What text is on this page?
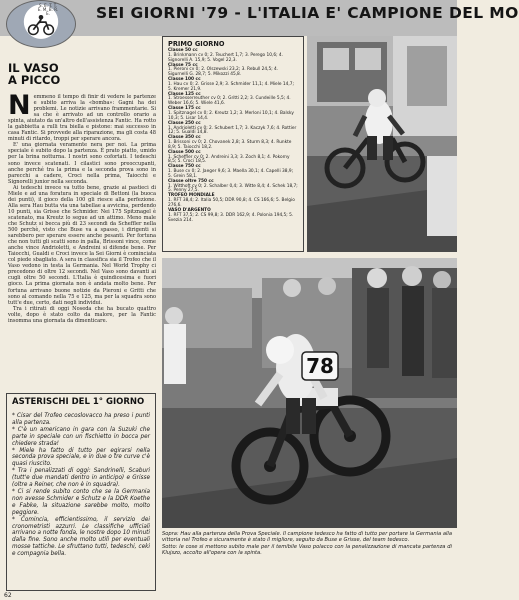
S. E. T. T. E. M. B. R. E.	SEI GIORNI '79 - L'ITALIA E' CAMPIONE DEL MO
IL VASO
A PICCO
N emmeno il tempo di finir di vedere le partenze e subito arriva la «bomba»: Gagni ha dei problemi. Le notizie arrivano frammentarie. Si sa che è arrivato ad un controllo orario a spinta, aiutato da un'altro dell'assistenza Fantic. Ha rotto la gabbietta a rulli tra biella e pistone: mai successo in casa Fantic. Si provvede alla riparazione, ma gli costa 48 minuti di ritardo, troppi per sperare ancora.

E' una giornata veramente nera per noi. La prima speciale è subito dopo la partenza. È prato piatto, umido per la brina notturna. I nostri sono cofortati. I tedeschi sono invece scatenati. I cilastici sono preoccupanti, anche perché tra la prima e la seconda prova sono in parecchi a cadere, Croci nella prima, Taiocchi e Signorelli junior nella seconda.

Ai tedeschi invece va tutto bene, grazie ai pastieci di Miele e ad una foratura in speciale di Bettoni (la buoca dei punti), il gioco della 100 gli riesce alla perfezione. Alla sera Hau butta via una tabellae a avvicina, perdendo 10 punti, sia Grisse che Schmider. Nei 175 Spitznagel è scatenato, ma Kreutz lo segue ad un attimo. Meno male che Schutz si becca più di 23 secondi da Scheffler nella 500 perchè, visto che Buse va a spasso, i dirigenti si sarebbero per sperare essere anche pesanti. Per fortuna che non tutti gli scatti sono in palla, Brissoni vince, come anche vince Andrioletti, e Andreini si difende bene. Per Taiocchi, Gualdi e Croci invece la Sei Giorni è cominciata col piede sbagliato. A sera in classifica sia il Trofeo che il Vaso vedono in testa la Germania. Nel World Trophy ci precedono di oltre 12 secondi. Nel Vaso sono davanti ai cugli oltre 50 secondi. L'Italia è quindicesima e fuori gioco. La prima giornata non è andata molto bene. Per fortuna arrivano buone notizie da Pieroni e Gritti che sono al comando nella 75 e 125, ma per la squadra sono tutt'e due, certo, dati negli individui.

Tra i ritirati di oggi Noseda che ha bucato quattro volte, dopo è stato colto da malore, per la Fantic insomma una giornata da dimenticare.

ASTERISCHI DEL 1° GIORNO
* Cisar del Trofeo cecoslovacco ha preso i punti alla partenza.
* C'è un americano in gara con la Suzuki che parte in speciale con un fischietto in bocca per chiedere strada!
* Miele ha fatto di tutto per egirarsi nella seconda prova speciale, e in due o tre curve c'è quasi riuscito.
* Tra i penalizzati di oggi: Sandrinelli, Scaburi (tutt'e due mandati dentro in anticipo) e Grisse (oltre a Reiner, che non è in squadra).
* Ci si rende subito conto che se la Germania non avesse Schmider e Schutz e la DDR Koethe e Fabke, la situazione sarebbe molto, molto peggiore.
* Comincia, efficientissimo, il servizio dei cronometristi azzurri. Le classifiche ufficiali arrivano a notte fonda, le nostre dopo 10 minuti dalla fine. Sono anche molto utili per eventuali mosse tattiche. Le sfruttano tutti, tedeschi, ceki e compagnia bella.
PRIMO GIORNO
Classe 50 cc
1. Brinkmann cv 0; 2. Teuchert 1,7; 3. Perego 10,6; 4. Signorelli A. 15,9; 5. Vogel 22,3.
Classe 75 cc
1. Pieroni cv 0; 2. Olszewski 23,2; 3. Rebull 24,5; 4. Sigurnelli G. 28,7; 5. Mikozzi 45,8.
Classe 100 cc
1. Hau cv 0; 2. Grisse 2,9; 3. Schmider 11,1; 4. Miele 14,7; 5. Kremer 21,9.
Classe 125 cc
1. Stroesserreuther cv 0; 2. Gritti 2,2; 3. Cundeille 5,5; 4. Weber 16,6; 5. Wiele 41,6.
Classe 175 cc
1. Spitznagel cv 0; 2. Kreutz 1,2; 3. Merloni 10,1; 4. Balsky 10,3; 5. Lisar 14,4.
Classe 250 cc
1. Andrioletti cv 0; 2. Schubert 1,7; 3. Kaczyk 7,6; 4. Rottier 12; 5. Gualdi 14,8.
Classe 350 cc
1. Brissoni cv 0; 2. Chovanek 2,8; 3. Sturm 8,3; 4. Runkte 8,9; 5. Taiocchi 18,2.
Classe 500 cc
1. Scheffler cv 0; 2. Andreini 3,3; 3. Zoch 8,1; 4. Pokorny 8,5; 5. Croci 18,5.
Classe 750 cc
1. Buse cv 0; 2. Jaeger 9,6; 3. Maella 30,1; 4. Capelli 38,9; 5. Grein 58,1.
Classe oltre 750 cc
1. Witthoft cv 0; 2. Schalber 0,4; 3. Witte 8,4; 4. Schek 18,7; 5. Penny 27,5.
TROFEO MONDIALE
1. RFT 38,4; 2. Italia 50,5; DDR 90,8; 4. CS 166,6; 5. Belgio 276,6.
VASO D'ARGENTO
1. RFT 37,5; 2. CS 99,8; 3. DDR 162,9; 4. Polonia 194,5; 5. Svezia 214.
78

Sopra: Hau alla partenza della Prova Speciale. Il campione tedesco ha fatto di tutto per portare la Germania alla vittoria nel Trofeo e sicuramente è stato il migliore, seguito da Buse e Grisse, del team tedesco.

Sotto: le cose si mettono subito male per il temibile Vaso polacco con la penalizzazione di mancata partenza di Klujszo, accolto all'opera con la spinta.

62
